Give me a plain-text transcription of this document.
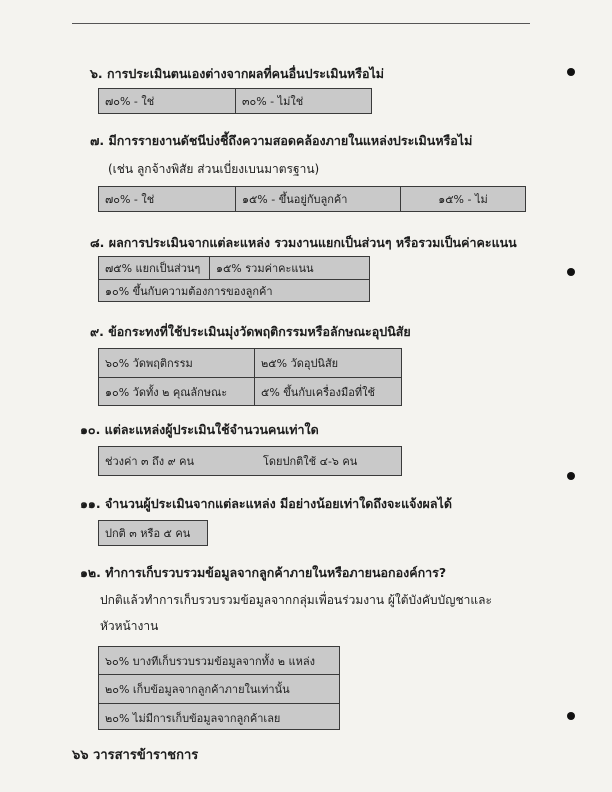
๖. การประเมินตนเองต่างจากผลที่คนอื่นประเมินหรือไม่
๗๐% - ใช่	๓๐% - ไม่ใช่
๗. มีการรายงานดัชนีบ่งชี้ถึงความสอดคล้องภายในแหล่งประเมินหรือไม่
(เช่น ลูกจ้างพิสัย ส่วนเบี่ยงเบนมาตรฐาน)
๗๐% - ใช่	๑๕% - ขึ้นอยู่กับลูกค้า	๑๕% - ไม่
๘. ผลการประเมินจากแต่ละแหล่ง รวมงานแยกเป็นส่วนๆ หรือรวมเป็นค่าคะแนน
๗๕% แยกเป็นส่วนๆ	๑๕% รวมค่าคะแนน
๑๐% ขึ้นกับความต้องการของลูกค้า
๙. ข้อกระทงที่ใช้ประเมินมุ่งวัดพฤติกรรมหรือลักษณะอุปนิสัย
๖๐% วัดพฤติกรรม	๒๕% วัดอุปนิสัย
๑๐% วัดทั้ง ๒ คุณลักษณะ	๕% ขึ้นกับเครื่องมือที่ใช้
๑๐. แต่ละแหล่งผู้ประเมินใช้จำนวนคนเท่าใด
ช่วงค่า ๓ ถึง ๙ คน	โดยปกติใช้ ๔-๖ คน
๑๑. จำนวนผู้ประเมินจากแต่ละแหล่ง มีอย่างน้อยเท่าใดถึงจะแจ้งผลได้
ปกติ ๓ หรือ ๕ คน
๑๒. ทำการเก็บรวบรวมข้อมูลจากลูกค้าภายในหรือภายนอกองค์การ?
ปกติแล้วทำการเก็บรวบรวมข้อมูลจากกลุ่มเพื่อนร่วมงาน ผู้ใต้บังคับบัญชาและ
หัวหน้างาน
๖๐% บางทีเก็บรวบรวมข้อมูลจากทั้ง ๒ แหล่ง
๒๐% เก็บข้อมูลจากลูกค้าภายในเท่านั้น
๒๐% ไม่มีการเก็บข้อมูลจากลูกค้าเลย
๖๖ วารสารข้าราชการ
